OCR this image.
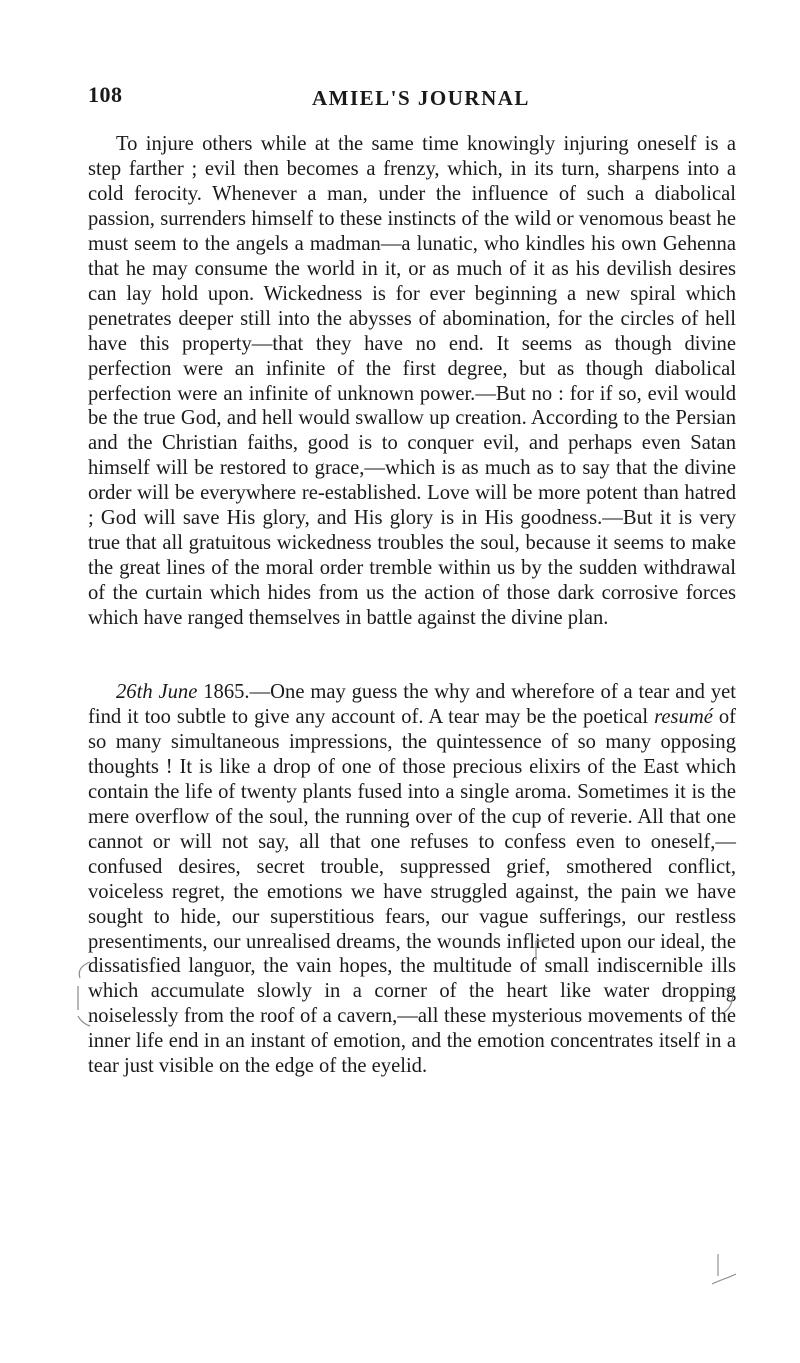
108	AMIEL'S JOURNAL

To injure others while at the same time knowingly injuring oneself is a step farther ; evil then becomes a frenzy, which, in its turn, sharpens into a cold ferocity. Whenever a man, under the influence of such a diabolical passion, surrenders himself to these instincts of the wild or venomous beast he must seem to the angels a madman—a lunatic, who kindles his own Gehenna that he may consume the world in it, or as much of it as his devilish desires can lay hold upon. Wickedness is for ever beginning a new spiral which penetrates deeper still into the abysses of abomination, for the circles of hell have this property—that they have no end. It seems as though divine perfection were an infinite of the first degree, but as though diabolical perfection were an infinite of unknown power.—But no : for if so, evil would be the true God, and hell would swallow up creation. According to the Persian and the Christian faiths, good is to conquer evil, and perhaps even Satan himself will be restored to grace,—which is as much as to say that the divine order will be everywhere re-established. Love will be more potent than hatred ; God will save His glory, and His glory is in His goodness.—But it is very true that all gratuitous wickedness troubles the soul, because it seems to make the great lines of the moral order tremble within us by the sudden withdrawal of the curtain which hides from us the action of those dark corrosive forces which have ranged themselves in battle against the divine plan.

26th June 1865.—One may guess the why and wherefore of a tear and yet find it too subtle to give any account of. A tear may be the poetical resumé of so many simultaneous impressions, the quintessence of so many opposing thoughts ! It is like a drop of one of those precious elixirs of the East which contain the life of twenty plants fused into a single aroma. Sometimes it is the mere overflow of the soul, the running over of the cup of reverie. All that one cannot or will not say, all that one refuses to confess even to oneself,—confused desires, secret trouble, suppressed grief, smothered conflict, voiceless regret, the emotions we have struggled against, the pain we have sought to hide, our superstitious fears, our vague sufferings, our restless presentiments, our unrealised dreams, the wounds inflicted upon our ideal, the dissatisfied languor, the vain hopes, the multitude of small indiscernible ills which accumulate slowly in a corner of the heart like water dropping noiselessly from the roof of a cavern,—all these mysterious movements of the inner life end in an instant of emotion, and the emotion concentrates itself in a tear just visible on the edge of the eyelid.
